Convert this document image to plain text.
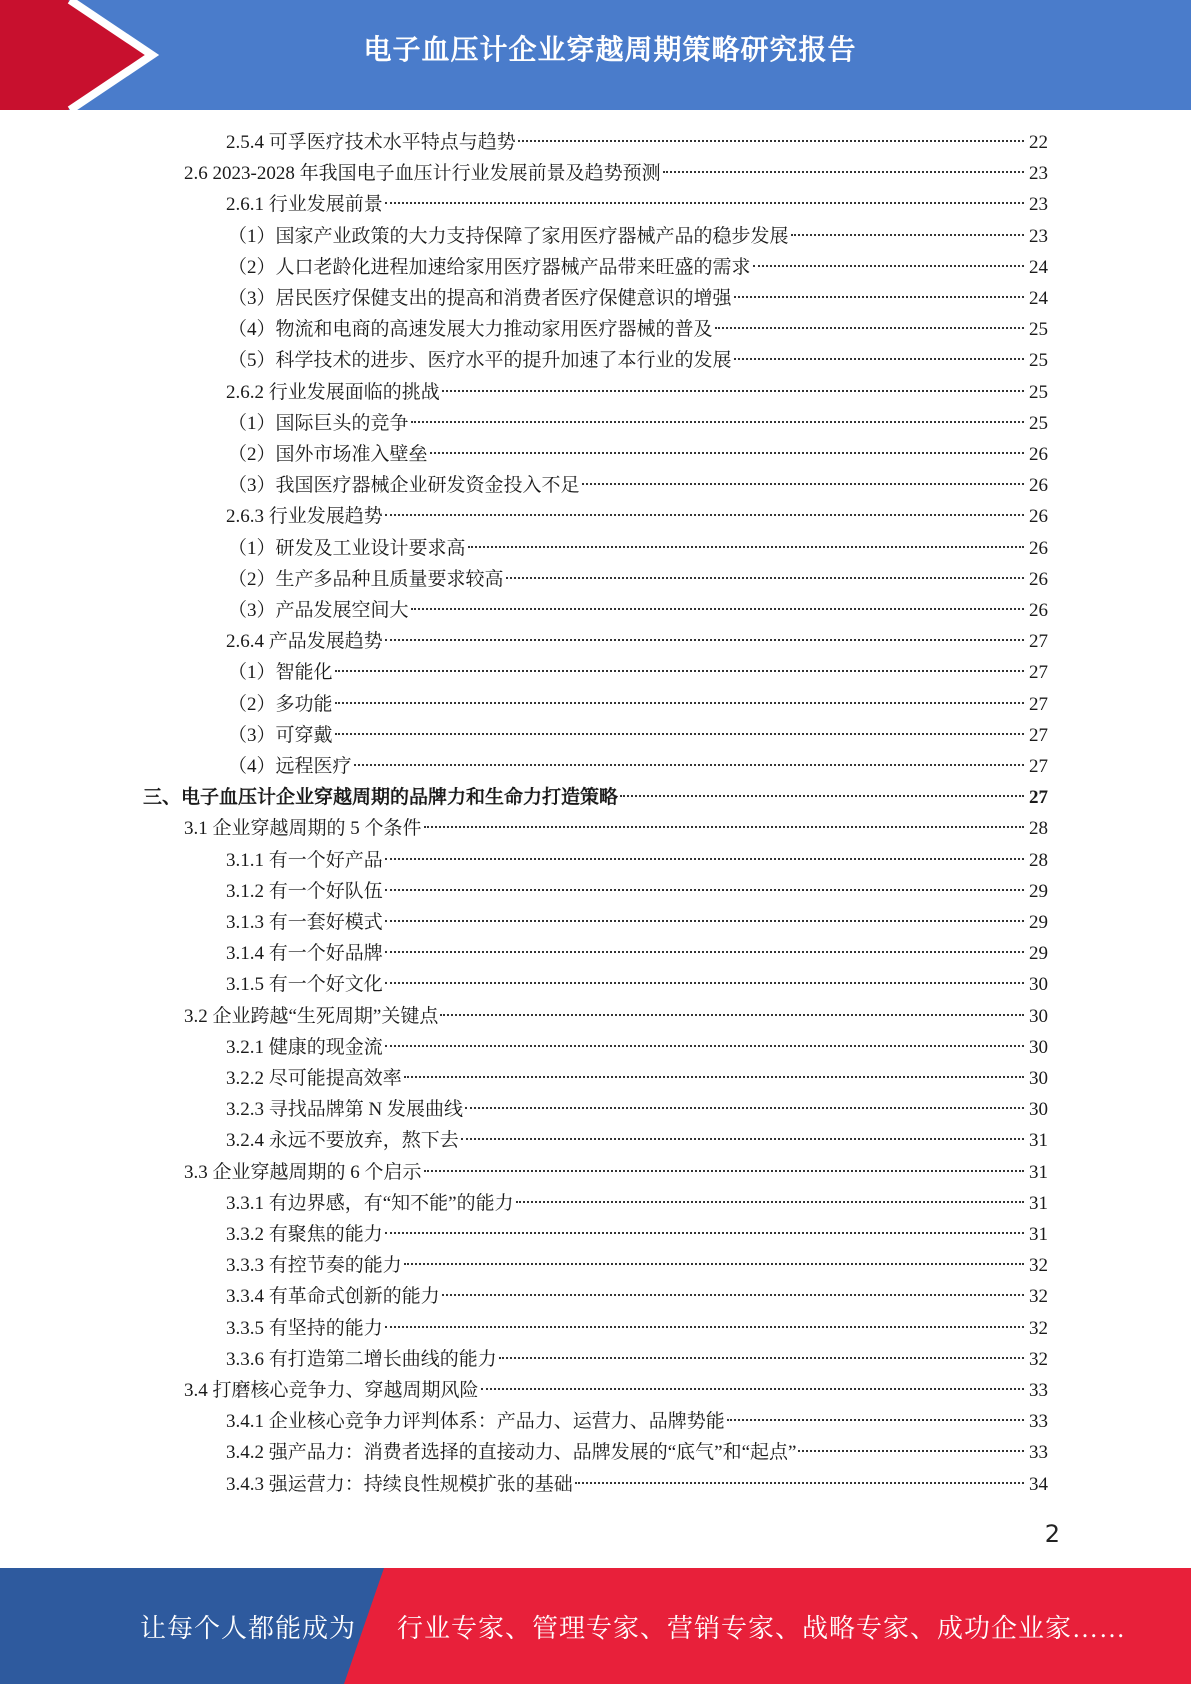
电子血压计企业穿越周期策略研究报告
2.5.4 可孚医疗技术水平特点与趋势	22
2.6 2023-2028 年我国电子血压计行业发展前景及趋势预测	23
2.6.1 行业发展前景	23
（1）国家产业政策的大力支持保障了家用医疗器械产品的稳步发展	23
（2）人口老龄化进程加速给家用医疗器械产品带来旺盛的需求	24
（3）居民医疗保健支出的提高和消费者医疗保健意识的增强	24
（4）物流和电商的高速发展大力推动家用医疗器械的普及	25
（5）科学技术的进步、医疗水平的提升加速了本行业的发展	25
2.6.2 行业发展面临的挑战	25
（1）国际巨头的竞争	25
（2）国外市场准入壁垒	26
（3）我国医疗器械企业研发资金投入不足	26
2.6.3 行业发展趋势	26
（1）研发及工业设计要求高	26
（2）生产多品种且质量要求较高	26
（3）产品发展空间大	26
2.6.4 产品发展趋势	27
（1）智能化	27
（2）多功能	27
（3）可穿戴	27
（4）远程医疗	27
三、电子血压计企业穿越周期的品牌力和生命力打造策略	27
3.1 企业穿越周期的 5 个条件	28
3.1.1 有一个好产品	28
3.1.2 有一个好队伍	29
3.1.3 有一套好模式	29
3.1.4 有一个好品牌	29
3.1.5 有一个好文化	30
3.2 企业跨越“生死周期”关键点	30
3.2.1 健康的现金流	30
3.2.2 尽可能提高效率	30
3.2.3 寻找品牌第 N 发展曲线	30
3.2.4 永远不要放弃，熬下去	31
3.3 企业穿越周期的 6 个启示	31
3.3.1 有边界感，有“知不能”的能力	31
3.3.2 有聚焦的能力	31
3.3.3 有控节奏的能力	32
3.3.4 有革命式创新的能力	32
3.3.5 有坚持的能力	32
3.3.6 有打造第二增长曲线的能力	32
3.4 打磨核心竞争力、穿越周期风险	33
3.4.1 企业核心竞争力评判体系：产品力、运营力、品牌势能	33
3.4.2 强产品力：消费者选择的直接动力、品牌发展的“底气”和“起点”	33
3.4.3 强运营力：持续良性规模扩张的基础	34
2
让每个人都能成为 行业专家、管理专家、营销专家、战略专家、成功企业家……
